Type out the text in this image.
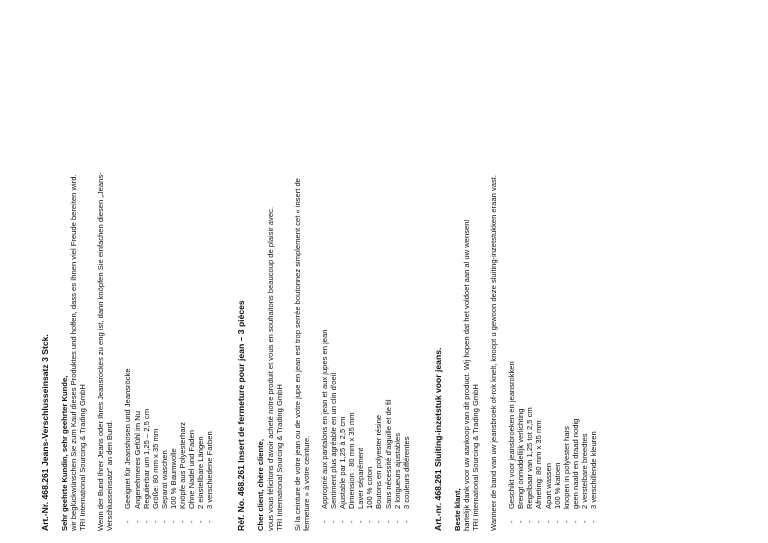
Art.-Nr. 468.261 Jeans-Verschlusseinsatz 3 Stck. Sehr geehrte Kundin, sehr geehrter Kunde, wir beglückwünschen Sie zum Kauf dieses Produktes und hoffen, dass es Ihnen viel Freude bereiten wird. TRI International Sourcing & Trading GmbH Wenn der Bund Ihrer Jeans oder Ihres Jeansrockes zu eng ist, dann knöpfen Sie einfachen diesen „Jeans- Verschlusseinsatz" an den Bund. - Geeignet für Jeanshosen und Jeansröcke - Angenehmeres Gefühl im Nu - Regulierbar um 1,25 – 2,5 cm - Größe: 80 mm x 35 mm - Separat waschen - 100 % Baumwolle - Knöpfe aus Polyesterharz - Ohne Nadel und Faden - 2 einstellbare Längen - 3 verschiedene Farben	Réf. No. 468.261 Insert de fermeture pour jean – 3 pièces Cher client, chère cliente, vous vous félicitons d'avoir acheté notre produit et vous en souhaitons beaucoup de plaisir avec. TRI International Sourcing & Trading GmbH Si la ceinture de votre jean ou de votre jupe en jean est trop serrée boutonnez simplement cet « insert de fermeture » à votre ceinture. - Approprié aux pantalons en jean et aux jupes en jean - Sentiment plus agréable en un clin d'oeil - Ajustable par 1,25 à 2,5 cm - Dimension : 80 mm x 35 mm - Laver séparément - 100 % coton - Boutons en polyester résine - Sans nécessité d'aiguille et de fil - 2 longueurs ajustables - 3 couleurs différentes	Art.-nr. 468.261 Sluiting-inzetstuk voor jeans. Beste klant, hartelijk dank voor uw aankoop van dit product. Wij hopen dat het voldoet aan al uw wensen! TRI International Sourcing & Trading GmbH Wanneer de band van uw jeansbroek of-rok knelt, knoopt u gewoon deze sluiting-inzetstukken eraan vast. - Geschikt voor jeansbroeken en jeansrokken - Brengt onmiddellijk verlichting - Regelbaar van 1,25 tot 2,5 cm - Afmeting: 80 mm x 35 mm - Apart wassen - 100 % katoen - knopen in polyester hars - geen naald en draad nodig - 2 verstelbare breedtes - 3 verschillende kleuren
